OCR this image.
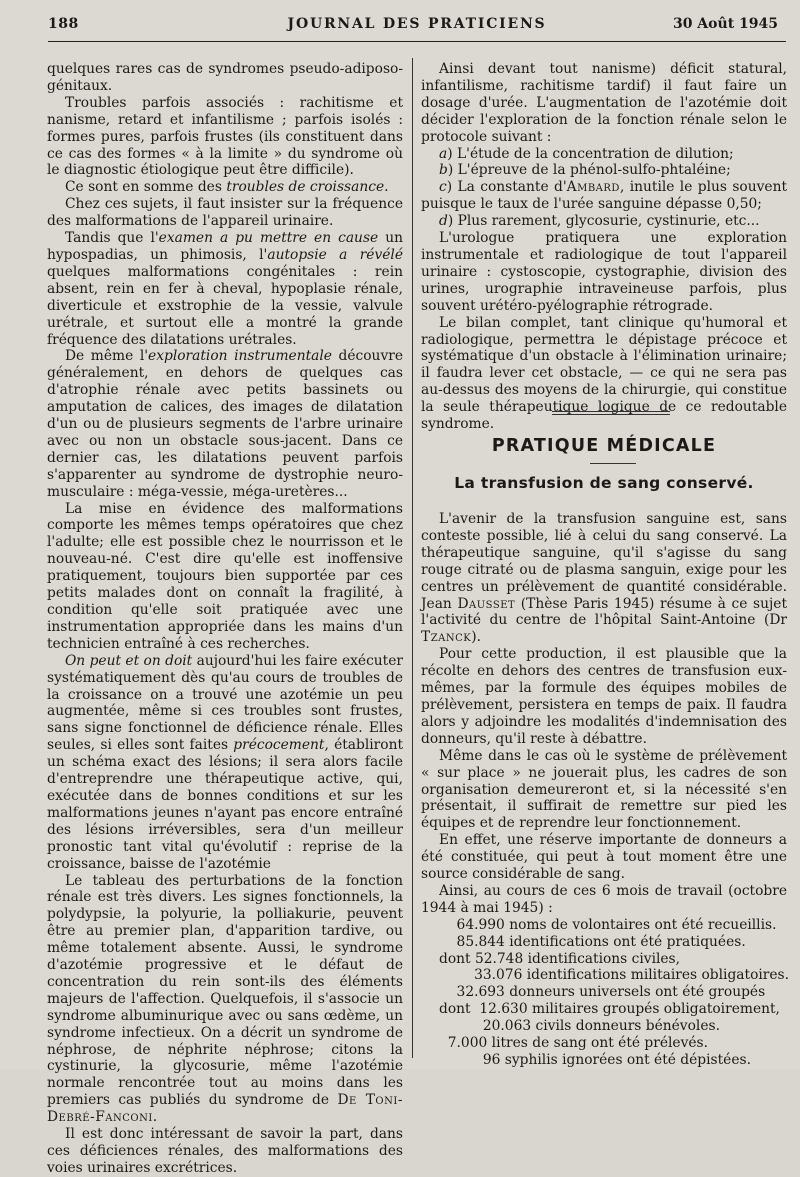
188	JOURNAL DES PRATICIENS	30 Août 1945

quelques rares cas de syndromes pseudo-adiposo-génitaux.

Troubles parfois associés : rachitisme et nanisme, retard et infantilisme ; parfois isolés : formes pures, parfois frustes (ils constituent dans ce cas des formes « à la limite » du syndrome où le diagnostic étiologique peut être difficile).

Ce sont en somme des troubles de croissance.

Chez ces sujets, il faut insister sur la fréquence des malformations de l'appareil urinaire.

Tandis que l'examen a pu mettre en cause un hypospadias, un phimosis, l'autopsie a révélé quelques malformations congénitales : rein absent, rein en fer à cheval, hypoplasie rénale, diverticule et exstrophie de la vessie, valvule urétrale, et surtout elle a montré la grande fréquence des dilatations urétrales.

De même l'exploration instrumentale découvre généralement, en dehors de quelques cas d'atrophie rénale avec petits bassinets ou amputation de calices, des images de dilatation d'un ou de plusieurs segments de l'arbre urinaire avec ou non un obstacle sous-jacent. Dans ce dernier cas, les dilatations peuvent parfois s'apparenter au syndrome de dystrophie neuro-musculaire : méga-vessie, méga-uretères...

La mise en évidence des malformations comporte les mêmes temps opératoires que chez l'adulte; elle est possible chez le nourrisson et le nouveau-né. C'est dire qu'elle est inoffensive pratiquement, toujours bien supportée par ces petits malades dont on connaît la fragilité, à condition qu'elle soit pratiquée avec une instrumentation appropriée dans les mains d'un technicien entraîné à ces recherches.

On peut et on doit aujourd'hui les faire exécuter systématiquement dès qu'au cours de troubles de la croissance on a trouvé une azotémie un peu augmentée, même si ces troubles sont frustes, sans signe fonctionnel de déficience rénale. Elles seules, si elles sont faites précocement, établiront un schéma exact des lésions; il sera alors facile d'entreprendre une thérapeutique active, qui, exécutée dans de bonnes conditions et sur les malformations jeunes n'ayant pas encore entraîné des lésions irréversibles, sera d'un meilleur pronostic tant vital qu'évolutif : reprise de la croissance, baisse de l'azotémie

Le tableau des perturbations de la fonction rénale est très divers. Les signes fonctionnels, la polydypsie, la polyurie, la polliakurie, peuvent être au premier plan, d'apparition tardive, ou même totalement absente. Aussi, le syndrome d'azotémie progressive et le défaut de concentration du rein sont-ils des éléments majeurs de l'affection. Quelquefois, il s'associe un syndrome albuminurique avec ou sans œdème, un syndrome infectieux. On a décrit un syndrome de néphrose, de néphrite néphrose; citons la cystinurie, la glycosurie, même l'azotémie normale rencontrée tout au moins dans les premiers cas publiés du syndrome de De Toni-Debré-Fanconi.

Il est donc intéressant de savoir la part, dans ces déficiences rénales, des malformations des voies urinaires excrétrices.

Ainsi devant tout nanisme) déficit statural, infantilisme, rachitisme tardif) il faut faire un dosage d'urée. L'augmentation de l'azotémie doit décider l'exploration de la fonction rénale selon le protocole suivant :

a) L'étude de la concentration de dilution;

b) L'épreuve de la phénol-sulfo-phtaléine;

c) La constante d'Ambard, inutile le plus souvent puisque le taux de l'urée sanguine dépasse 0,50;

d) Plus rarement, glycosurie, cystinurie, etc...

L'urologue pratiquera une exploration instrumentale et radiologique de tout l'appareil urinaire : cystoscopie, cystographie, division des urines, urographie intraveineuse parfois, plus souvent urétéro-pyélographie rétrograde.

Le bilan complet, tant clinique qu'humoral et radiologique, permettra le dépistage précoce et systématique d'un obstacle à l'élimination urinaire; il faudra lever cet obstacle, — ce qui ne sera pas au-dessus des moyens de la chirurgie, qui constitue la seule thérapeutique logique de ce redoutable syndrome.

PRATIQUE MÉDICALE
La transfusion de sang conservé.

L'avenir de la transfusion sanguine est, sans conteste possible, lié à celui du sang conservé. La thérapeutique sanguine, qu'il s'agisse du sang rouge citraté ou de plasma sanguin, exige pour les centres un prélèvement de quantité considérable. Jean Dausset (Thèse Paris 1945) résume à ce sujet l'activité du centre de l'hôpital Saint-Antoine (Dr Tzanck).

Pour cette production, il est plausible que la récolte en dehors des centres de transfusion eux-mêmes, par la formule des équipes mobiles de prélèvement, persistera en temps de paix. Il faudra alors y adjoindre les modalités d'indemnisation des donneurs, qu'il reste à débattre.

Même dans le cas où le système de prélèvement « sur place » ne jouerait plus, les cadres de son organisation demeureront et, si la nécessité s'en présentait, il suffirait de remettre sur pied les équipes et de reprendre leur fonctionnement.

En effet, une réserve importante de donneurs a été constituée, qui peut à tout moment être une source considérable de sang.

Ainsi, au cours de ces 6 mois de travail (octobre 1944 à mai 1945) :

64.990 noms de volontaires ont été recueillis.

85.844 identifications ont été pratiquées.

dont 52.748 identifications civiles,

33.076 identifications militaires obligatoires.

32.693 donneurs universels ont été groupés

dont  12.630 militaires groupés obligatoirement,

20.063 civils donneurs bénévoles.

7.000 litres de sang ont été prélevés.

96 syphilis ignorées ont été dépistées.
